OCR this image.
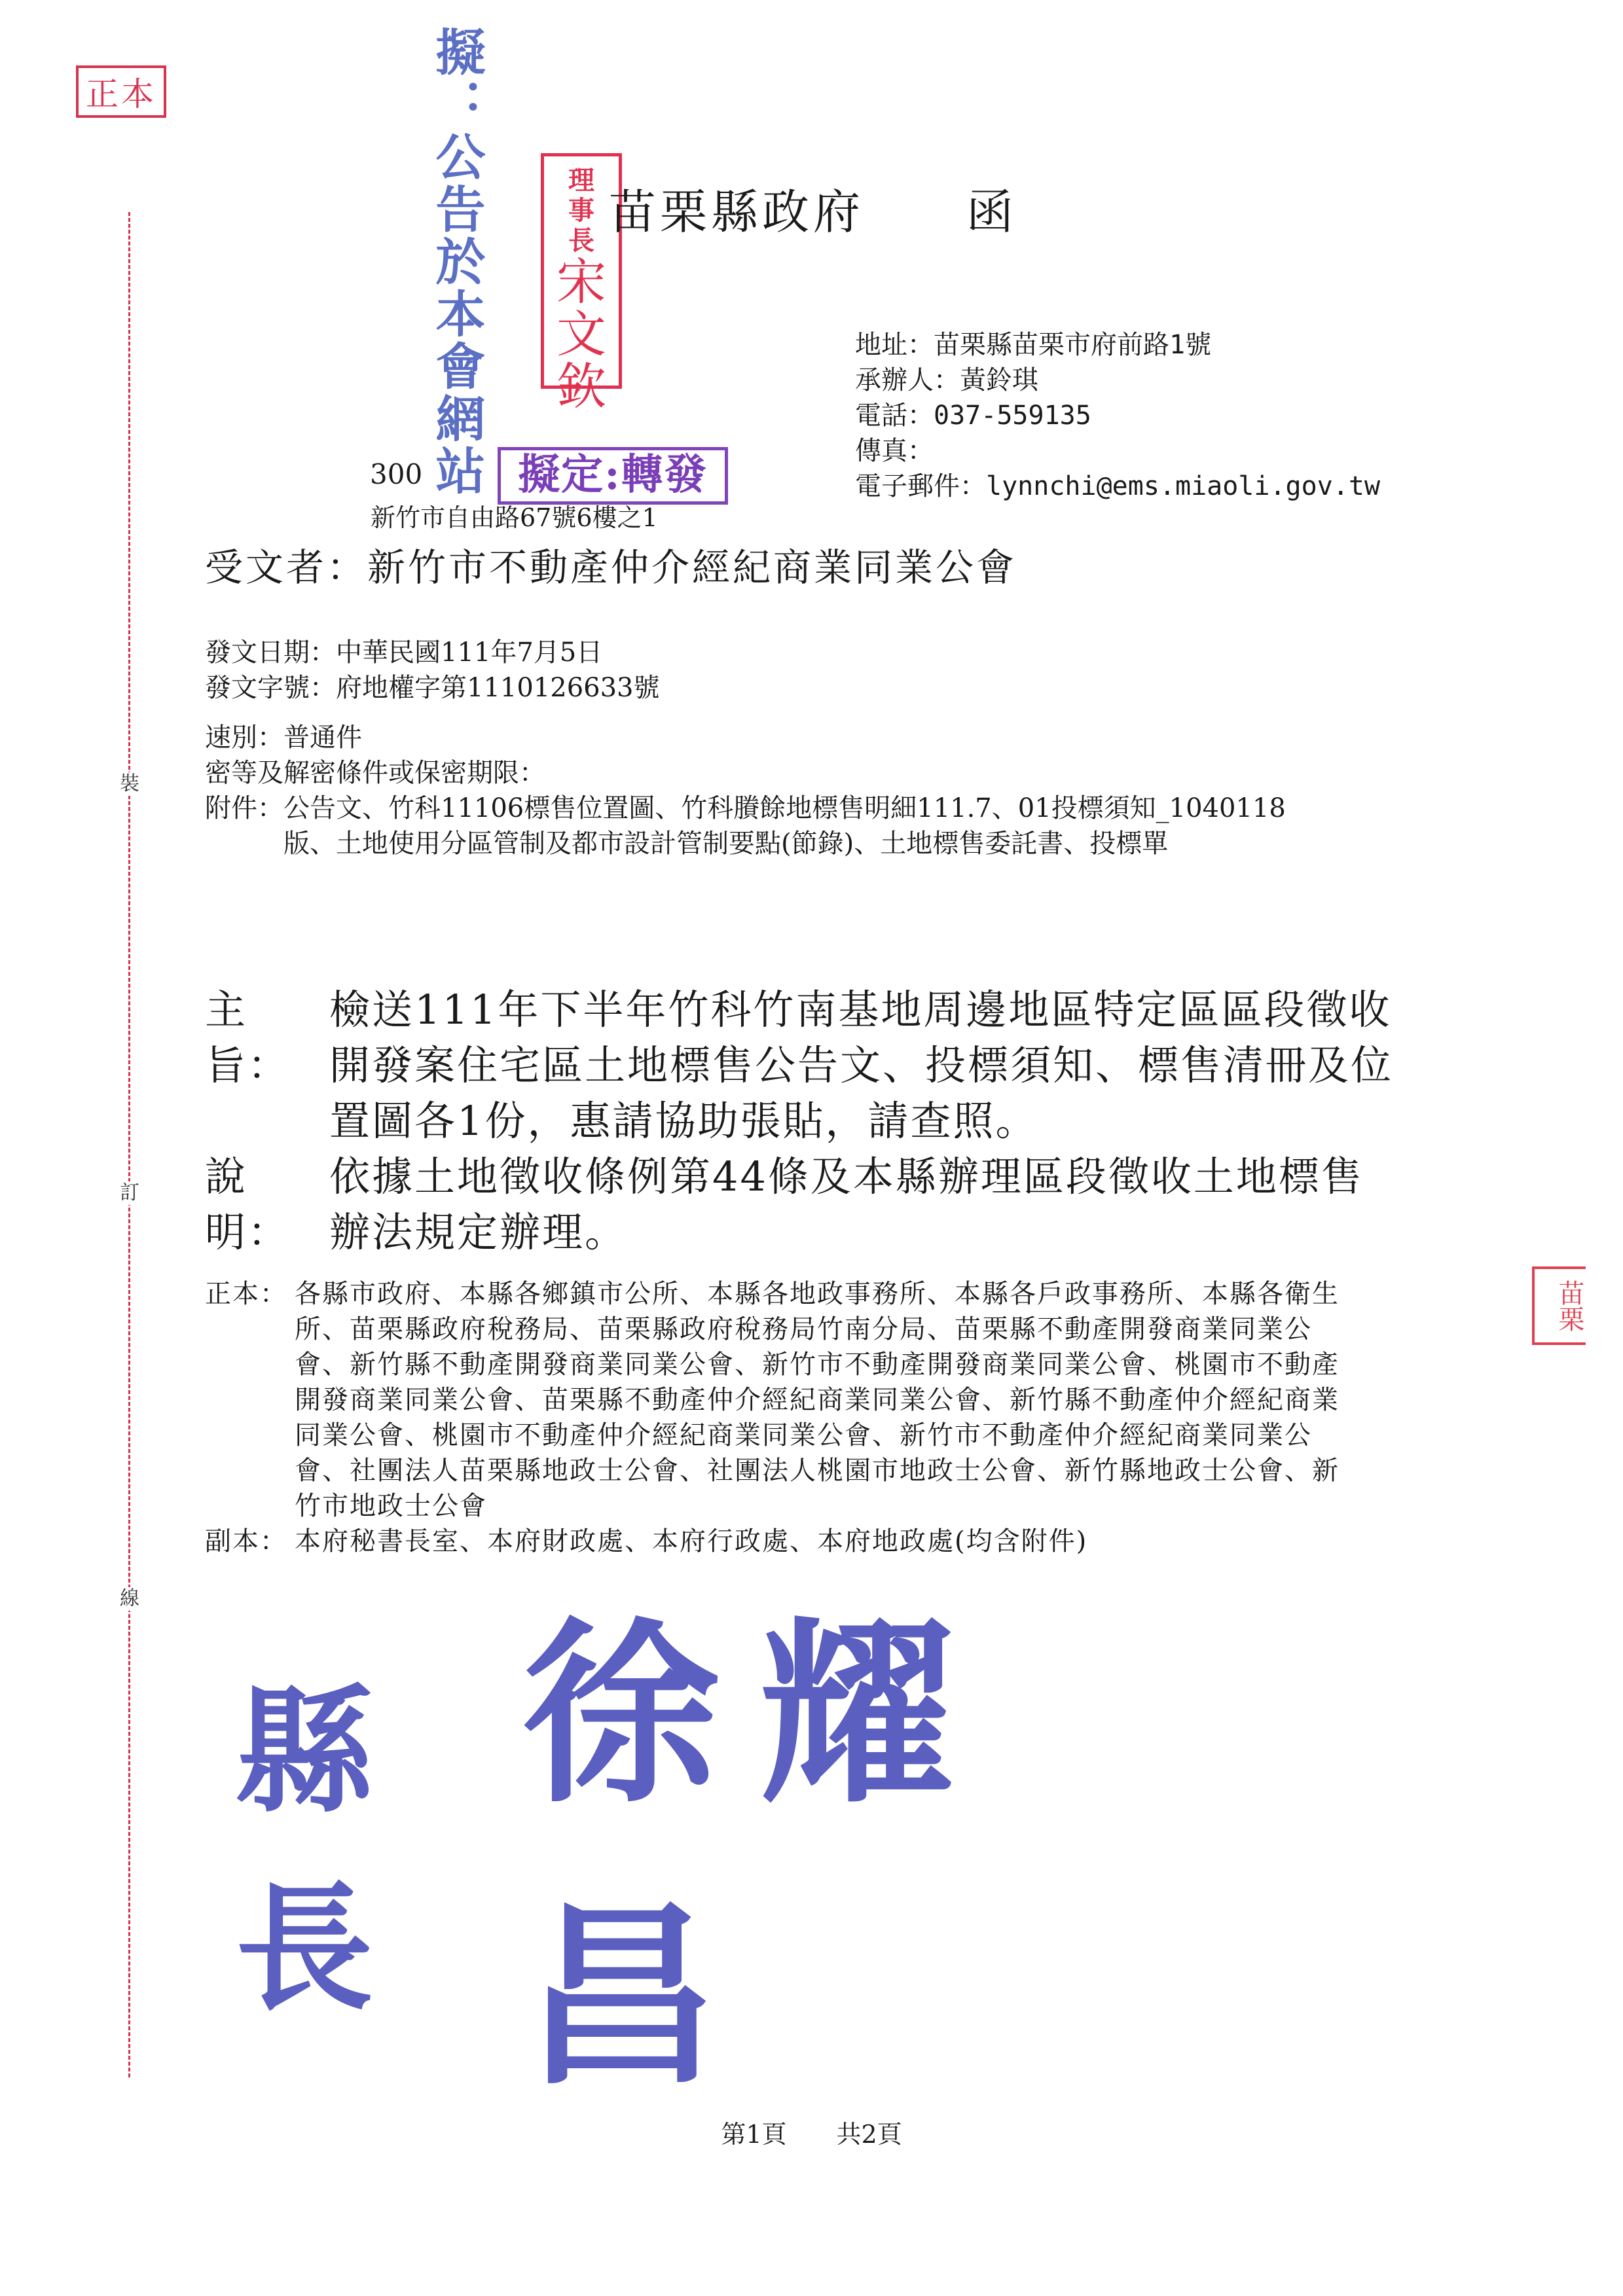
正本
裝
訂
線
擬：公告於本會網站	理
事
長
宋
文
欽
苗栗縣政府　　函
地址：苗栗縣苗栗市府前路1號
承辦人：黃鈴琪
電話：037-559135
傳真：
電子郵件：lynnchi@ems.miaoli.gov.tw
300	擬定:轉發
新竹市自由路67號6樓之1
受文者：新竹市不動產仲介經紀商業同業公會
發文日期：中華民國111年7月5日
發文字號：府地權字第1110126633號
速別：普通件
密等及解密條件或保密期限：
附件： 公告文、竹科11106標售位置圖、竹科賸餘地標售明細111.7、01投標須知_1040118版、土地使用分區管制及都市設計管制要點(節錄)、土地標售委託書、投標單
主旨：
檢送111年下半年竹科竹南基地周邊地區特定區區段徵收開發案住宅區土地標售公告文、投標須知、標售清冊及位置圖各1份，惠請協助張貼，請查照。
說明：
依據土地徵收條例第44條及本縣辦理區段徵收土地標售辦法規定辦理。
正本： 各縣市政府、本縣各鄉鎮市公所、本縣各地政事務所、本縣各戶政事務所、本縣各衛生所、苗栗縣政府稅務局、苗栗縣政府稅務局竹南分局、苗栗縣不動產開發商業同業公會、新竹縣不動產開發商業同業公會、新竹市不動產開發商業同業公會、桃園市不動產開發商業同業公會、苗栗縣不動產仲介經紀商業同業公會、新竹縣不動產仲介經紀商業同業公會、桃園市不動產仲介經紀商業同業公會、新竹市不動產仲介經紀商業同業公會、社團法人苗栗縣地政士公會、社團法人桃園市地政士公會、新竹縣地政士公會、新竹市地政士公會
副本： 本府秘書長室、本府財政處、本府行政處、本府地政處(均含附件)
苗栗
縣長
徐耀昌
第1頁　　共2頁
